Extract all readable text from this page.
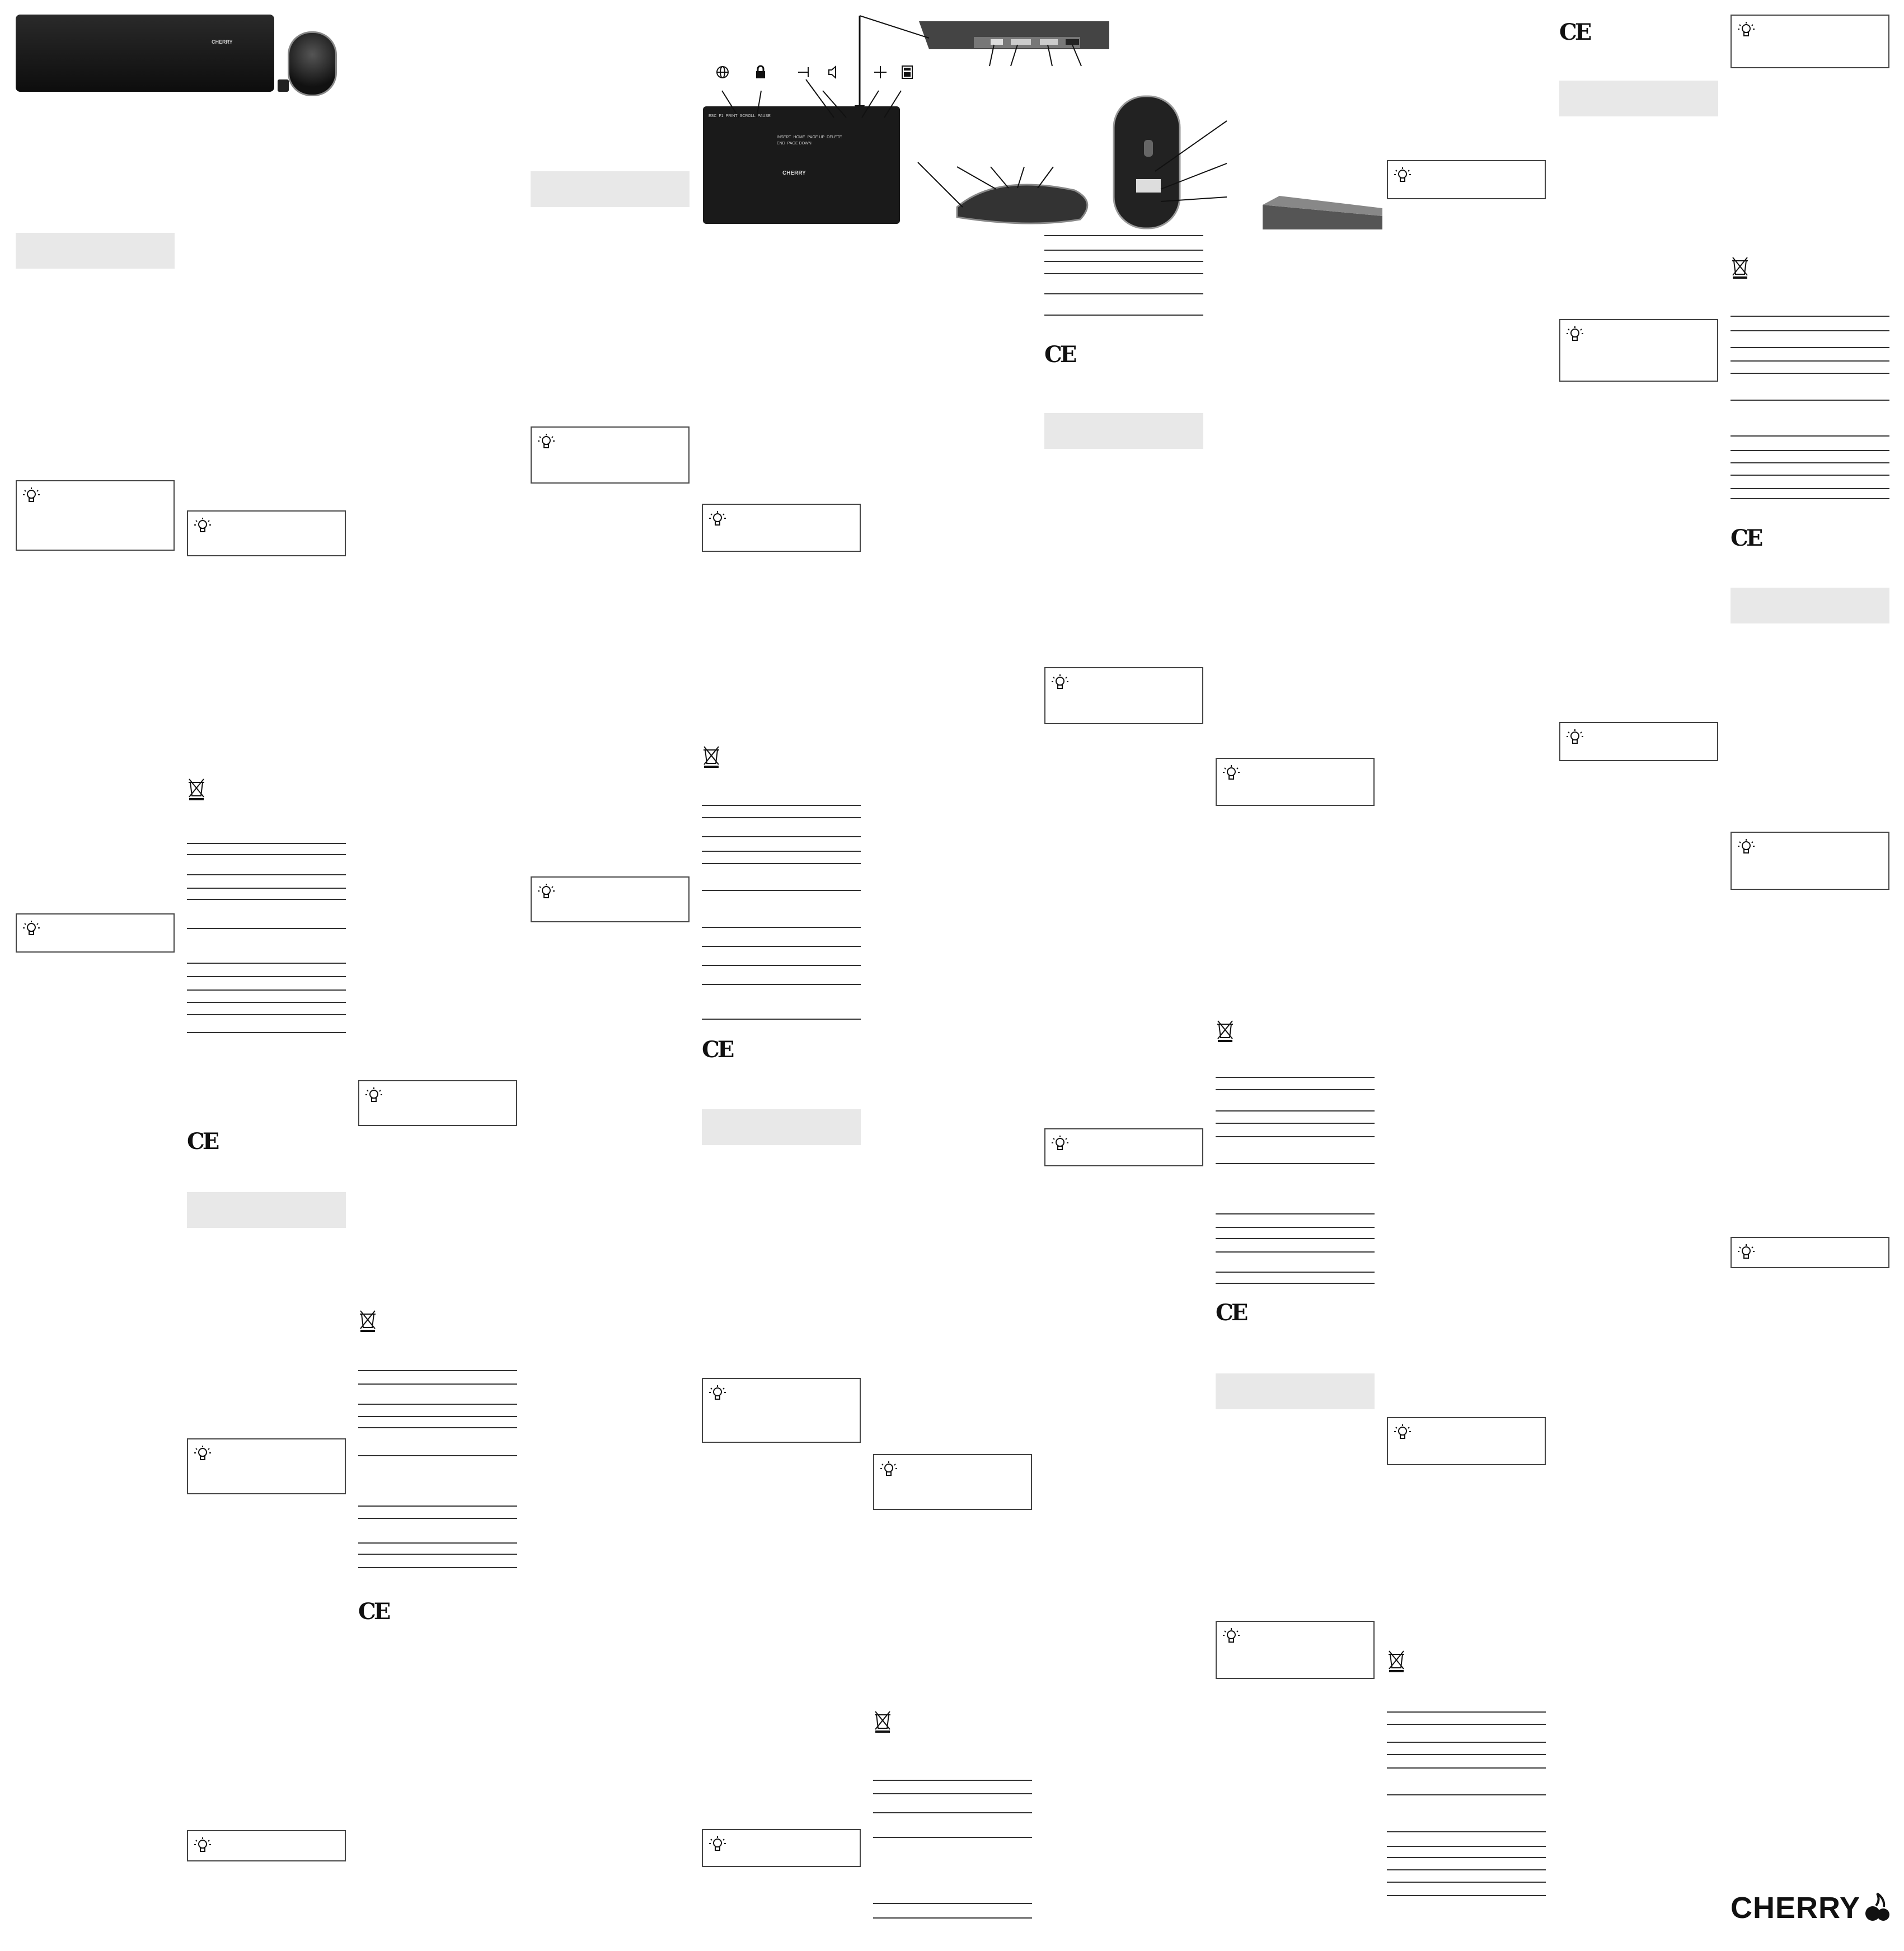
CHERRY
ESC F1 PRINT SCROLL PAUSE
INSERT HOME PAGE UP DELETE
END PAGE DOWN
CHERRY
CE
CE
CE
CE
CE
CE
CE
CHERRY
